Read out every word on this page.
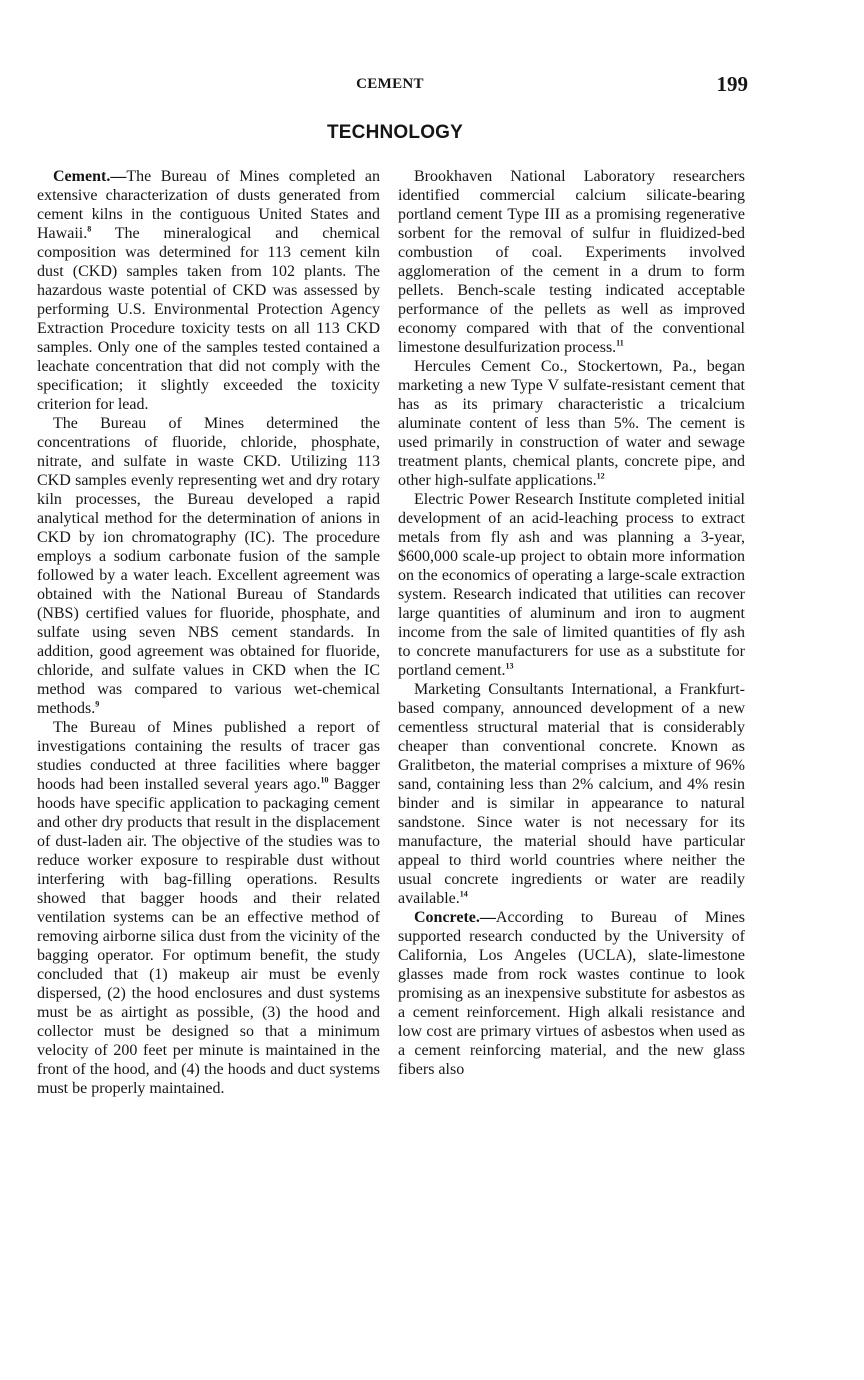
CEMENT	199
TECHNOLOGY

Cement.—The Bureau of Mines completed an extensive characterization of dusts generated from cement kilns in the contiguous United States and Hawaii.$^8$ The mineralogical and chemical composition was determined for 113 cement kiln dust (CKD) samples taken from 102 plants. The hazardous waste potential of CKD was assessed by performing U.S. Environmental Protection Agency Extraction Procedure toxicity tests on all 113 CKD samples. Only one of the samples tested contained a leachate concentration that did not comply with the specification; it slightly exceeded the toxicity criterion for lead.

The Bureau of Mines determined the concentrations of fluoride, chloride, phosphate, nitrate, and sulfate in waste CKD. Utilizing 113 CKD samples evenly representing wet and dry rotary kiln processes, the Bureau developed a rapid analytical method for the determination of anions in CKD by ion chromatography (IC). The procedure employs a sodium carbonate fusion of the sample followed by a water leach. Excellent agreement was obtained with the National Bureau of Standards (NBS) certified values for fluoride, phosphate, and sulfate using seven NBS cement standards. In addition, good agreement was obtained for fluoride, chloride, and sulfate values in CKD when the IC method was compared to various wet-chemical methods.$^9$

The Bureau of Mines published a report of investigations containing the results of tracer gas studies conducted at three facilities where bagger hoods had been installed several years ago.$^{10}$ Bagger hoods have specific application to packaging cement and other dry products that result in the displacement of dust-laden air. The objective of the studies was to reduce worker exposure to respirable dust without interfering with bag-filling operations. Results showed that bagger hoods and their related ventilation systems can be an effective method of removing airborne silica dust from the vicinity of the bagging operator. For optimum benefit, the study concluded that (1) makeup air must be evenly dispersed, (2) the hood enclosures and dust systems must be as airtight as possible, (3) the hood and collector must be designed so that a minimum velocity of 200 feet per minute is maintained in the front of the hood, and (4) the hoods and duct systems must be properly maintained.

Brookhaven National Laboratory researchers identified commercial calcium silicate-bearing portland cement Type III as a promising regenerative sorbent for the removal of sulfur in fluidized-bed combustion of coal. Experiments involved agglomeration of the cement in a drum to form pellets. Bench-scale testing indicated acceptable performance of the pellets as well as improved economy compared with that of the conventional limestone desulfurization process.$^{11}$

Hercules Cement Co., Stockertown, Pa., began marketing a new Type V sulfate-resistant cement that has as its primary characteristic a tricalcium aluminate content of less than 5%. The cement is used primarily in construction of water and sewage treatment plants, chemical plants, concrete pipe, and other high-sulfate applications.$^{12}$

Electric Power Research Institute completed initial development of an acid-leaching process to extract metals from fly ash and was planning a 3-year, $600,000 scale-up project to obtain more information on the economics of operating a large-scale extraction system. Research indicated that utilities can recover large quantities of aluminum and iron to augment income from the sale of limited quantities of fly ash to concrete manufacturers for use as a substitute for portland cement.$^{13}$

Marketing Consultants International, a Frankfurt-based company, announced development of a new cementless structural material that is considerably cheaper than conventional concrete. Known as Gralitbeton, the material comprises a mixture of 96% sand, containing less than 2% calcium, and 4% resin binder and is similar in appearance to natural sandstone. Since water is not necessary for its manufacture, the material should have particular appeal to third world countries where neither the usual concrete ingredients or water are readily available.$^{14}$

Concrete.—According to Bureau of Mines supported research conducted by the University of California, Los Angeles (UCLA), slate-limestone glasses made from rock wastes continue to look promising as an inexpensive substitute for asbestos as a cement reinforcement. High alkali resistance and low cost are primary virtues of asbestos when used as a cement reinforcing material, and the new glass fibers also
